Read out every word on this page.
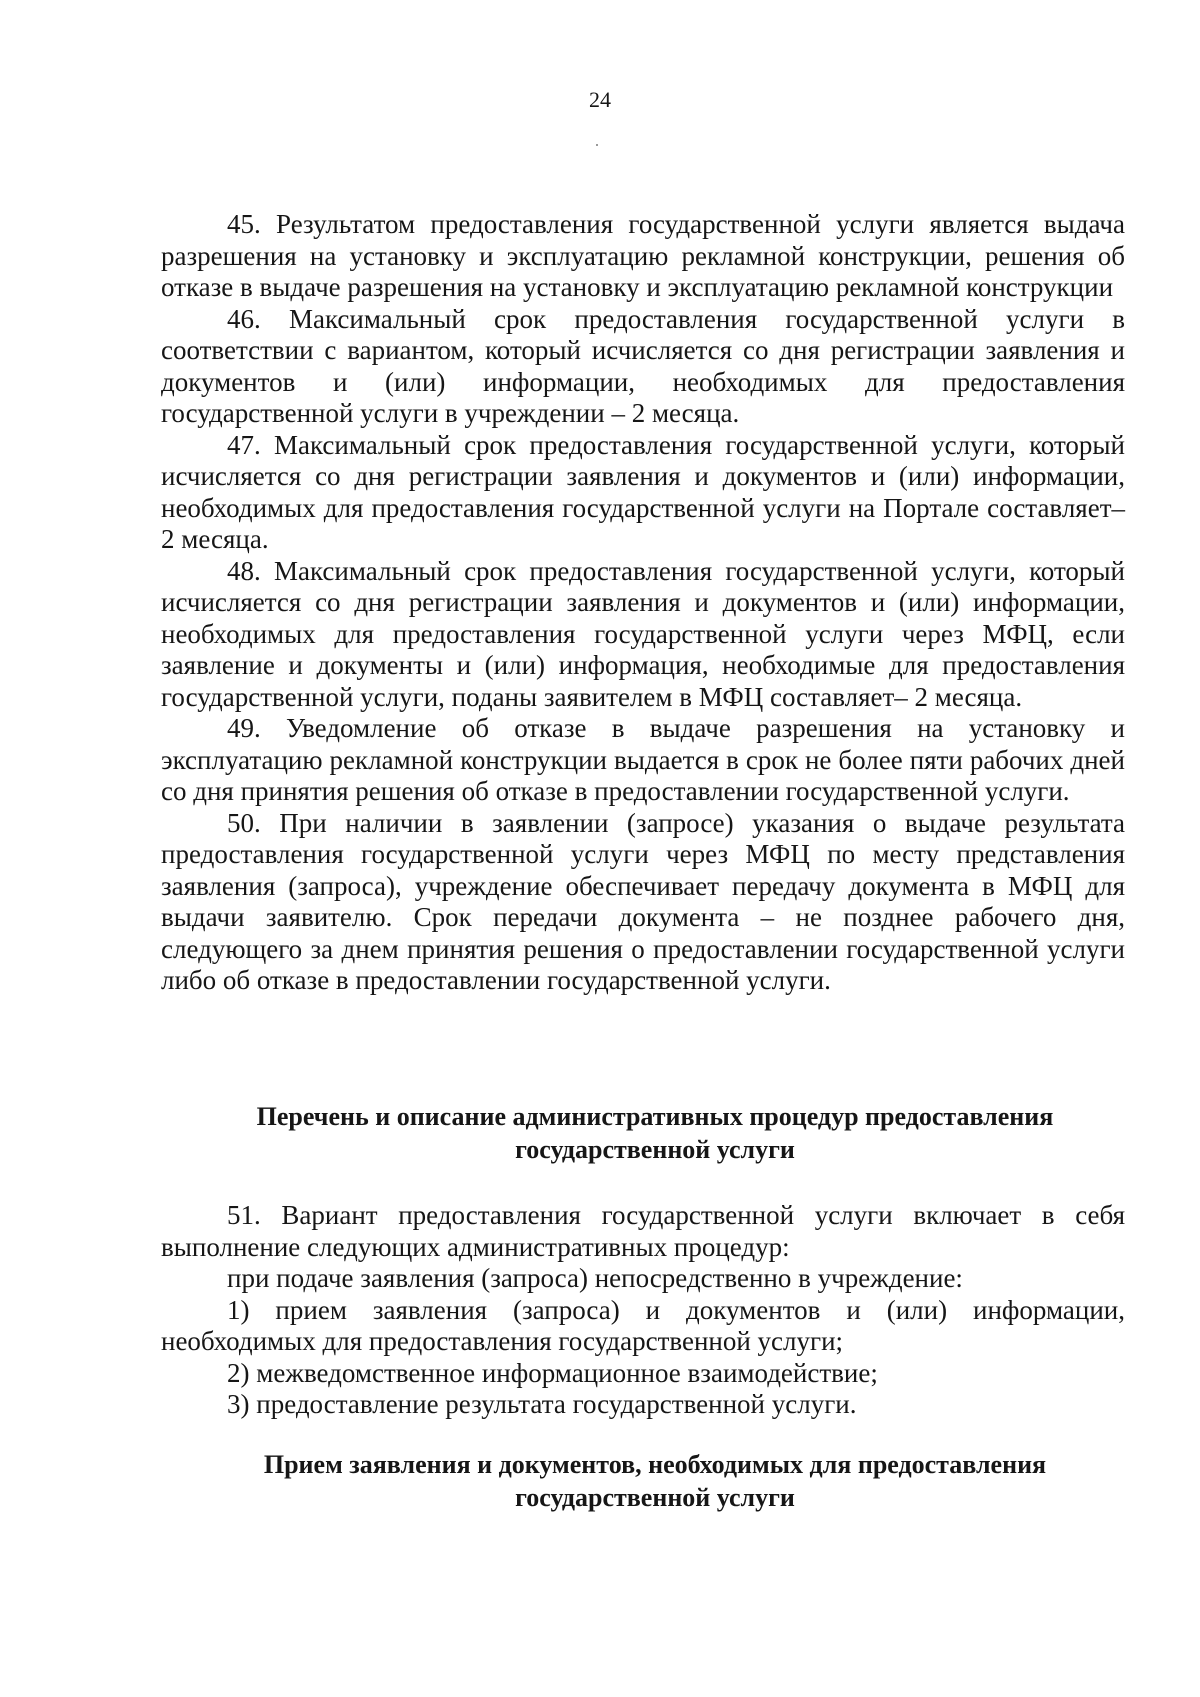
24

45. Результатом предоставления государственной услуги является выдача разрешения на установку и эксплуатацию рекламной конструкции, решения об отказе в выдаче разрешения на установку и эксплуатацию рекламной конструкции

46. Максимальный срок предоставления государственной услуги в соответствии с вариантом, который исчисляется со дня регистрации заявления и документов и (или) информации, необходимых для предоставления государственной услуги в учреждении – 2 месяца.

47. Максимальный срок предоставления государственной услуги, который исчисляется со дня регистрации заявления и документов и (или) информации, необходимых для предоставления государственной услуги на Портале составляет– 2 месяца.

48. Максимальный срок предоставления государственной услуги, который исчисляется со дня регистрации заявления и документов и (или) информации, необходимых для предоставления государственной услуги через МФЦ, если заявление и документы и (или) информация, необходимые для предоставления государственной услуги, поданы заявителем в МФЦ составляет– 2 месяца.

49. Уведомление об отказе в выдаче разрешения на установку и эксплуатацию рекламной конструкции выдается в срок не более пяти рабочих дней со дня принятия решения об отказе в предоставлении государственной услуги.

50. При наличии в заявлении (запросе) указания о выдаче результата предоставления государственной услуги через МФЦ по месту представления заявления (запроса), учреждение обеспечивает передачу документа в МФЦ для выдачи заявителю. Срок передачи документа – не позднее рабочего дня, следующего за днем принятия решения о предоставлении государственной услуги либо об отказе в предоставлении государственной услуги.

Перечень и описание административных процедур предоставления
государственной услуги

51. Вариант предоставления государственной услуги включает в себя выполнение следующих административных процедур:

при подаче заявления (запроса) непосредственно в учреждение:

1) прием заявления (запроса) и документов и (или) информации, необходимых для предоставления государственной услуги;

2) межведомственное информационное взаимодействие;

3) предоставление результата государственной услуги.

Прием заявления и документов, необходимых для предоставления
государственной услуги
